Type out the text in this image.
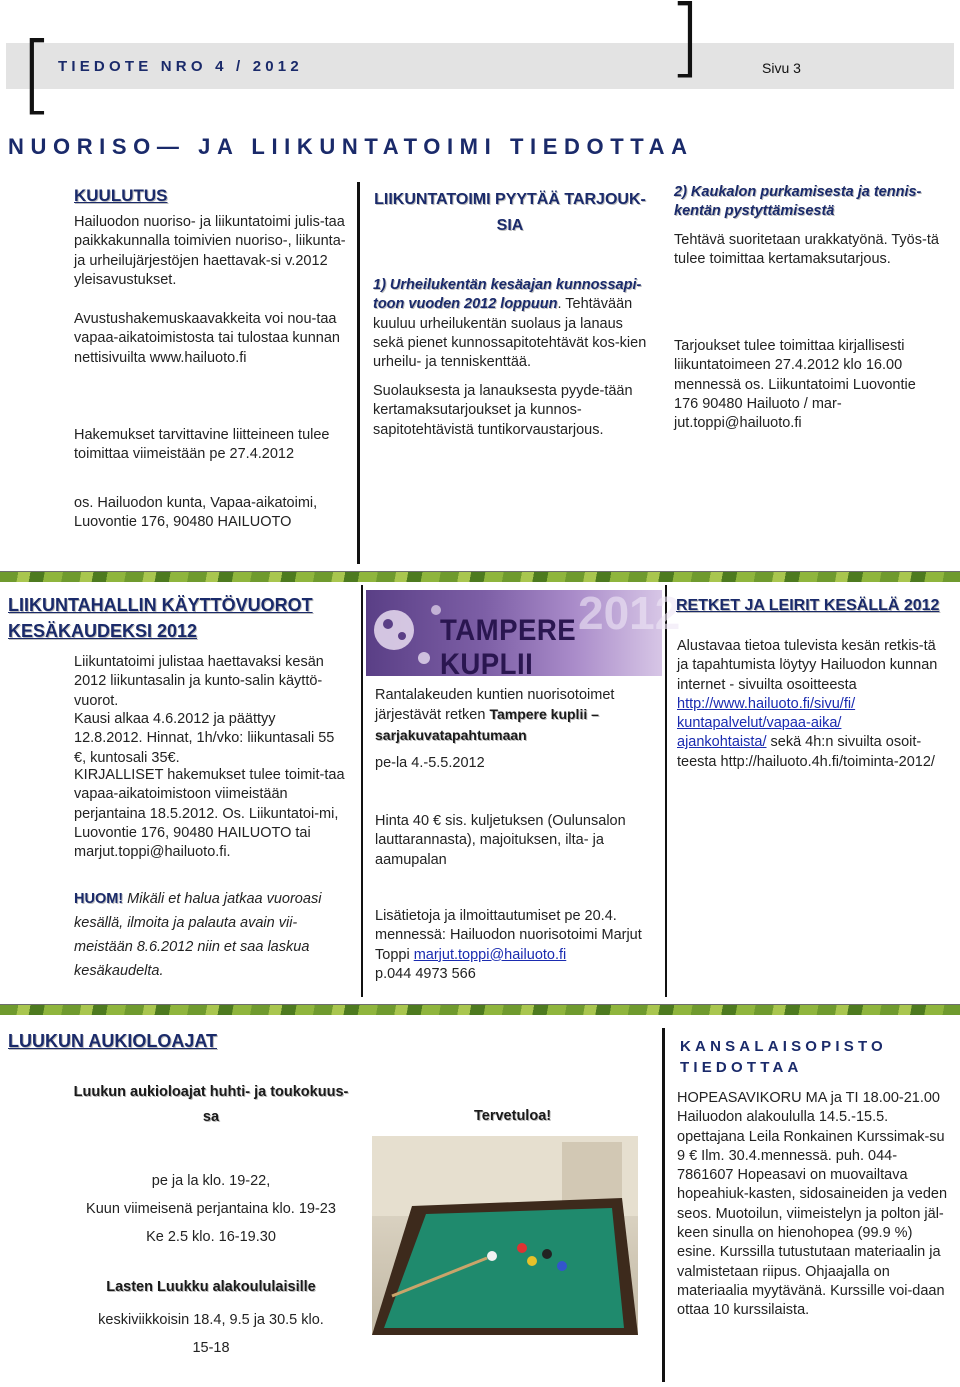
[	]
TIEDOTE NRO 4 / 2012	Sivu 3
NUORISO— JA LIIKUNTATOIMI TIEDOTTAA
KUULUTUS
Hailuodon nuoriso- ja liikuntatoimi julis-taa paikkakunnalla toimivien nuoriso-, liikunta- ja urheilujärjestöjen haettavak-si v.2012 yleisavustukset.
Avustushakemuskaavakkeita voi nou-taa vapaa-aikatoimistosta tai tulostaa kunnan nettisivuilta www.hailuoto.fi
Hakemukset tarvittavine liitteineen tulee toimittaa viimeistään pe 27.4.2012
os. Hailuodon kunta, Vapaa-aikatoimi, Luovontie 176, 90480 HAILUOTO
LIIKUNTATOIMI PYYTÄÄ TARJOUK-
SIA
1) Urheilukentän kesäajan kunnossapi-toon vuoden 2012 loppuun. Tehtävään kuuluu urheilukentän suolaus ja lanaus sekä pienet kunnossapitotehtävät kos-kien urheilu- ja tenniskenttää.
Suolauksesta ja lanauksesta pyyde-tään kertamaksutarjoukset ja kunnos-sapitotehtävistä tuntikorvaustarjous.
2) Kaukalon purkamisesta ja tennis-kentän pystyttämisestä
Tehtävä suoritetaan urakkatyönä. Työs-tä tulee toimittaa kertamaksutarjous.
Tarjoukset tulee toimittaa kirjallisesti liikuntatoimeen 27.4.2012 klo 16.00 mennessä os. Liikuntatoimi Luovontie 176 90480 Hailuoto / mar-jut.toppi@hailuoto.fi
LIIKUNTAHALLIN KÄYTTÖVUOROT
KESÄKAUDEKSI 2012
Liikuntatoimi julistaa haettavaksi kesän 2012 liikuntasalin ja kunto-salin käyttö-vuorot.
Kausi alkaa 4.6.2012 ja päättyy 12.8.2012. Hinnat, 1h/vko: liikuntasali 55 €, kuntosali 35€.
KIRJALLISET hakemukset tulee toimit-taa vapaa-aikatoimistoon viimeistään perjantaina 18.5.2012. Os. Liikuntatoi-mi, Luovontie 176, 90480 HAILUOTO tai marjut.toppi@hailuoto.fi.
HUOM! Mikäli et halua jatkaa vuoroasi kesällä, ilmoita ja palauta avain vii-meistään 8.6.2012 niin et saa laskua kesäkaudelta.
TAMPERE KUPLII
2012
Rantalakeuden kuntien nuorisotoimet järjestävät retken Tampere kuplii – sarjakuvatapahtumaan
pe-la 4.-5.5.2012
Hinta 40 € sis. kuljetuksen (Oulunsalon lauttarannasta), majoituksen, ilta- ja aamupalan
Lisätietoja ja ilmoittautumiset pe 20.4. mennessä: Hailuodon nuorisotoimi Marjut Toppi marjut.toppi@hailuoto.fi
p.044 4973 566
RETKET JA LEIRIT KESÄLLÄ 2012
Alustavaa tietoa tulevista kesän retkis-tä ja tapahtumista löytyy Hailuodon kunnan internet - sivuilta osoitteesta
http://www.hailuoto.fi/sivu/fi/
kuntapalvelut/vapaa-aika/
ajankohtaista/ sekä 4h:n sivuilta osoit-teesta http://hailuoto.4h.fi/toiminta-2012/
LUUKUN AUKIOLOAJAT
Luukun aukioloajat huhti- ja toukokuus-
sa
pe ja la klo. 19-22,
Kuun viimeisenä perjantaina klo. 19-23
Ke 2.5 klo. 16-19.30
Lasten Luukku alakoululaisille
keskiviikkoisin 18.4, 9.5 ja 30.5 klo.
15-18
Tervetuloa!
KANSALAISOPISTO
TIEDOTTAA
HOPEASAVIKORU MA ja TI 18.00-21.00 Hailuodon alakoululla 14.5.-15.5. opettajana Leila Ronkainen Kurssimak-su 9 € Ilm. 30.4.mennessä. puh. 044-7861607 Hopeasavi on muovailtava hopeahiuk-kasten, sidosaineiden ja veden seos. Muotoilun, viimeistelyn ja polton jäl-keen sinulla on hienohopea (99.9 %) esine. Kurssilla tutustutaan materiaalin ja valmistetaan riipus. Ohjaajalla on materiaalia myytävänä. Kurssille voi-daan ottaa 10 kurssilaista.
